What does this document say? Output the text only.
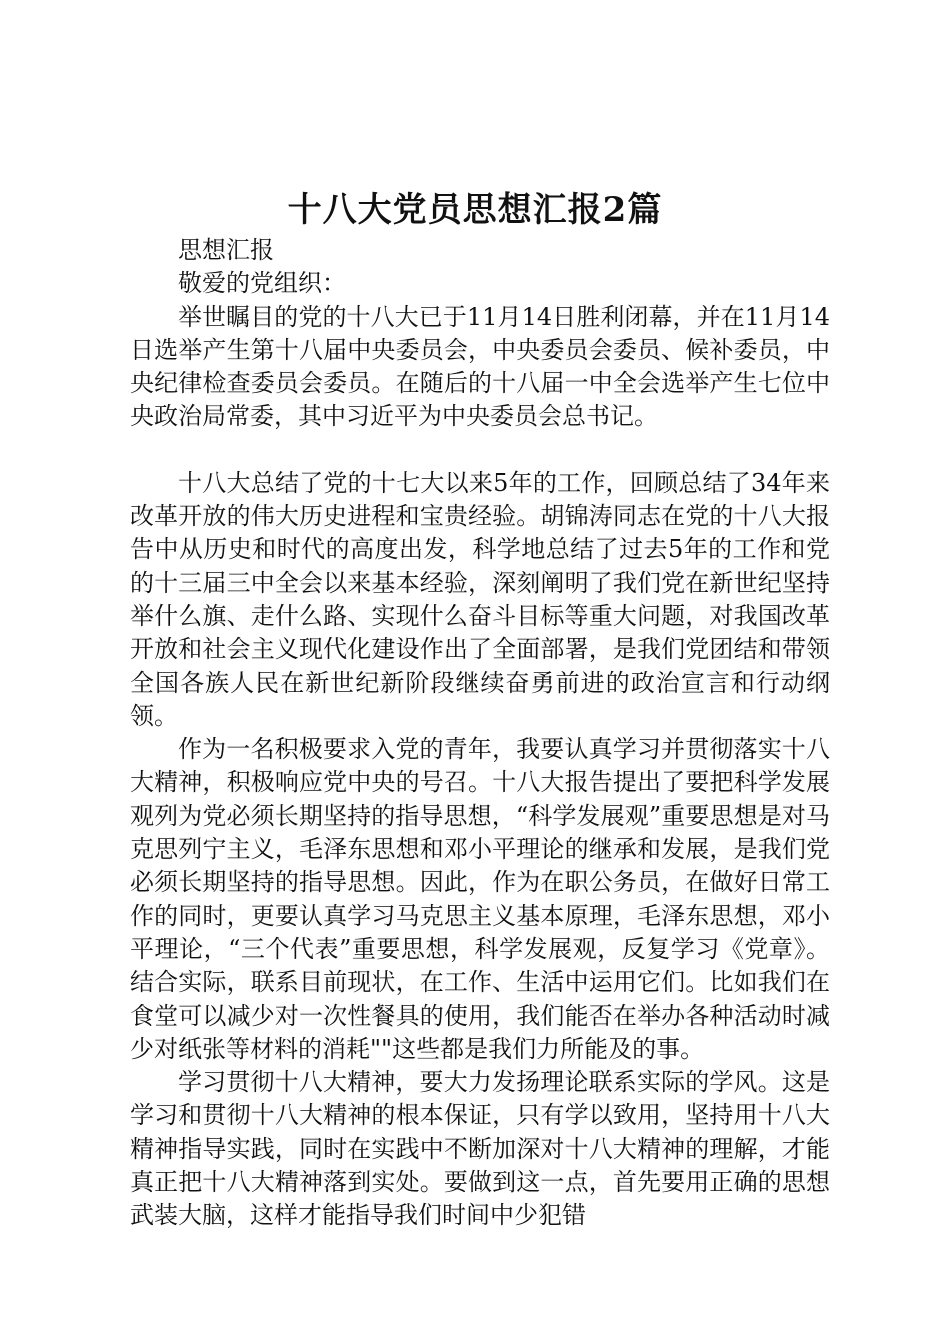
十八大党员思想汇报2篇

思想汇报

敬爱的党组织：

举世瞩目的党的十八大已于11月14日胜利闭幕，并在11月14日选举产生第十八届中央委员会，中央委员会委员、候补委员，中央纪律检查委员会委员。在随后的十八届一中全会选举产生七位中央政治局常委，其中习近平为中央委员会总书记。

十八大总结了党的十七大以来5年的工作，回顾总结了34年来改革开放的伟大历史进程和宝贵经验。胡锦涛同志在党的十八大报告中从历史和时代的高度出发，科学地总结了过去5年的工作和党的十三届三中全会以来基本经验，深刻阐明了我们党在新世纪坚持举什么旗、走什么路、实现什么奋斗目标等重大问题，对我国改革开放和社会主义现代化建设作出了全面部署，是我们党团结和带领全国各族人民在新世纪新阶段继续奋勇前进的政治宣言和行动纲领。

作为一名积极要求入党的青年，我要认真学习并贯彻落实十八大精神，积极响应党中央的号召。十八大报告提出了要把科学发展观列为党必须长期坚持的指导思想，“科学发展观”重要思想是对马克思列宁主义，毛泽东思想和邓小平理论的继承和发展，是我们党必须长期坚持的指导思想。因此，作为在职公务员，在做好日常工作的同时，更要认真学习马克思主义基本原理，毛泽东思想，邓小平理论，“三个代表”重要思想，科学发展观，反复学习《党章》。结合实际，联系目前现状，在工作、生活中运用它们。比如我们在食堂可以减少对一次性餐具的使用，我们能否在举办各种活动时减少对纸张等材料的消耗""这些都是我们力所能及的事。

学习贯彻十八大精神，要大力发扬理论联系实际的学风。这是学习和贯彻十八大精神的根本保证，只有学以致用，坚持用十八大精神指导实践，同时在实践中不断加深对十八大精神的理解，才能真正把十八大精神落到实处。要做到这一点，首先要用正确的思想武装大脑，这样才能指导我们时间中少犯错
